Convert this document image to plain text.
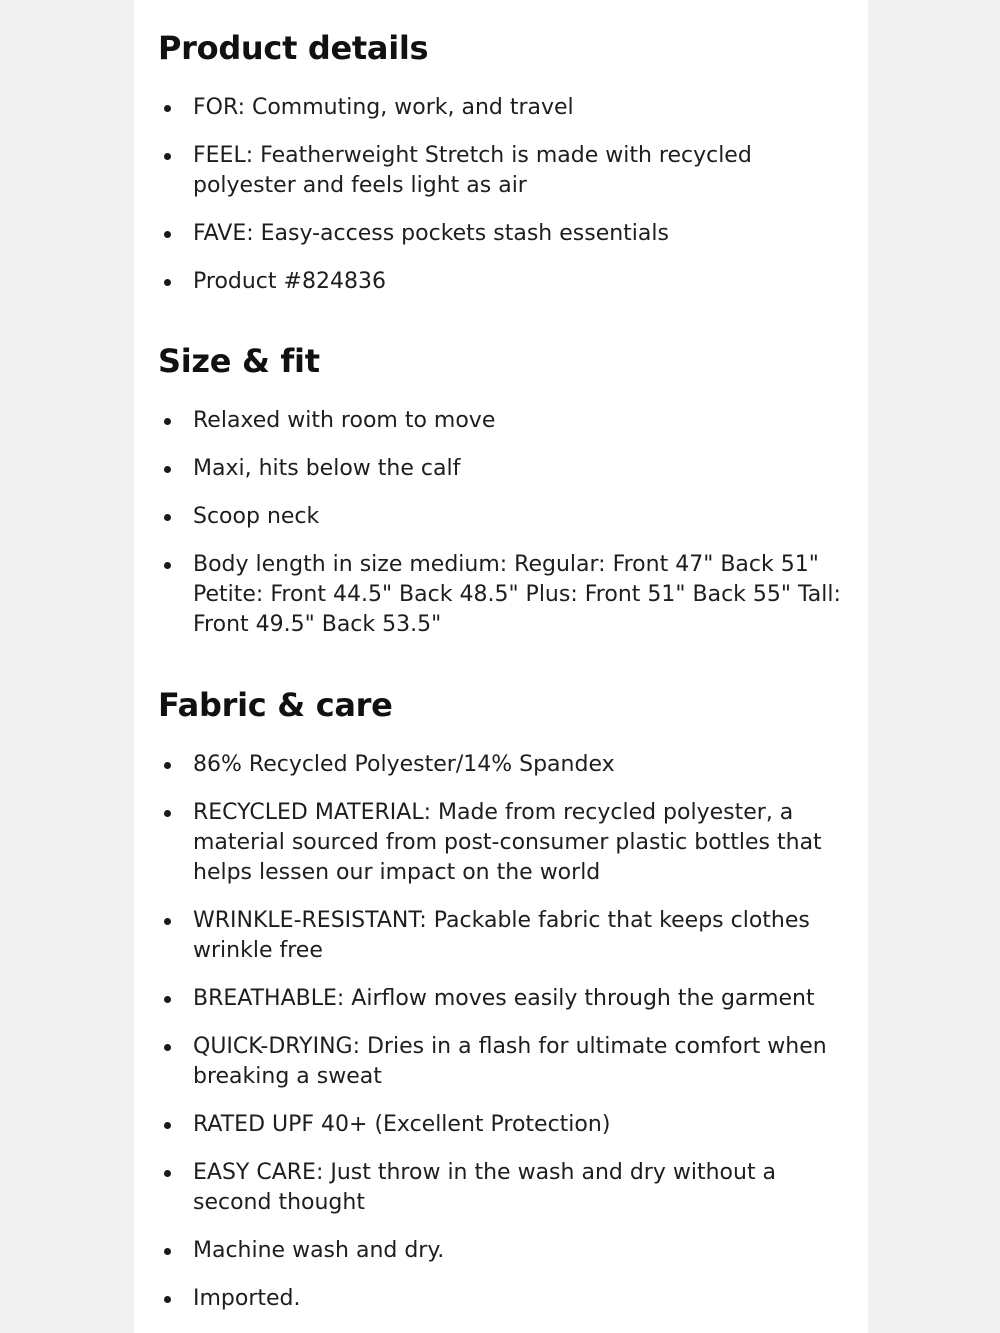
Product details
FOR: Commuting, work, and travel
FEEL: Featherweight Stretch is made with recycled polyester and feels light as air
FAVE: Easy-access pockets stash essentials
Product #824836
Size & fit
Relaxed with room to move
Maxi, hits below the calf
Scoop neck
Body length in size medium: Regular: Front 47" Back 51" Petite: Front 44.5" Back 48.5" Plus: Front 51" Back 55" Tall: Front 49.5" Back 53.5"
Fabric & care
86% Recycled Polyester/14% Spandex
RECYCLED MATERIAL: Made from recycled polyester, a material sourced from post-consumer plastic bottles that helps lessen our impact on the world
WRINKLE-RESISTANT: Packable fabric that keeps clothes wrinkle free
BREATHABLE: Airflow moves easily through the garment
QUICK-DRYING: Dries in a flash for ultimate comfort when breaking a sweat
RATED UPF 40+ (Excellent Protection)
EASY CARE: Just throw in the wash and dry without a second thought
Machine wash and dry.
Imported.
